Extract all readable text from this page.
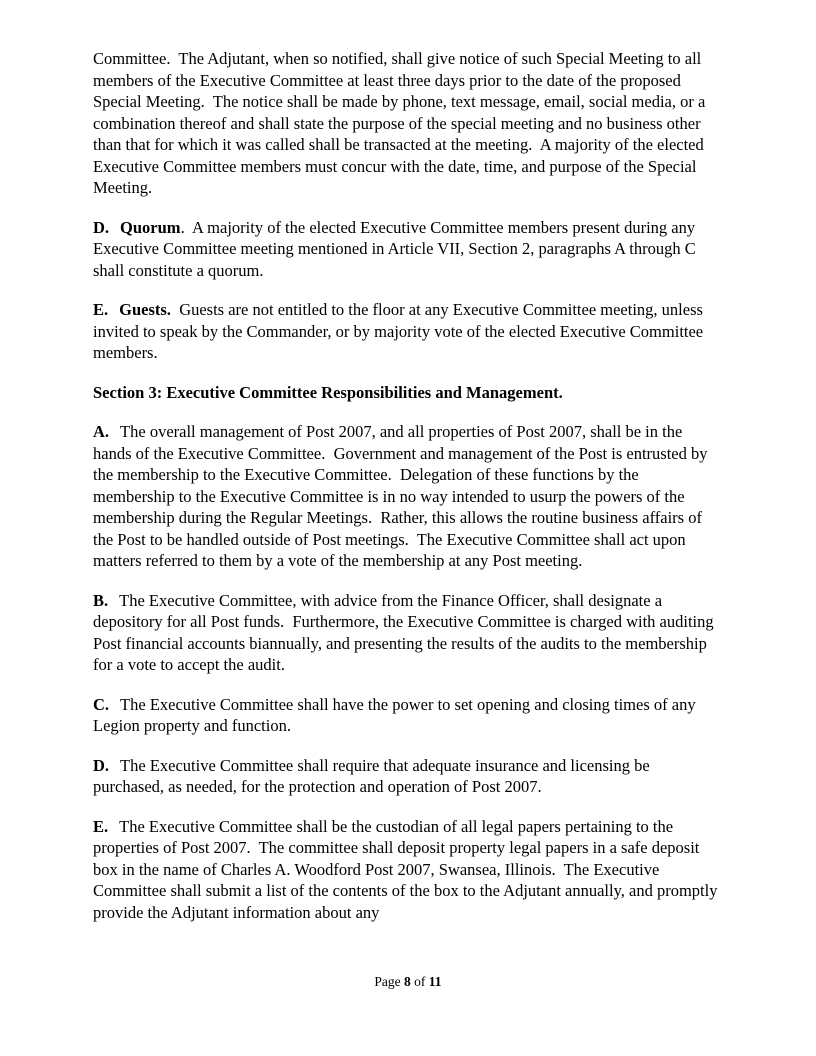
Committee.  The Adjutant, when so notified, shall give notice of such Special Meeting to all members of the Executive Committee at least three days prior to the date of the proposed Special Meeting.  The notice shall be made by phone, text message, email, social media, or a combination thereof and shall state the purpose of the special meeting and no business other than that for which it was called shall be transacted at the meeting.  A majority of the elected Executive Committee members must concur with the date, time, and purpose of the Special Meeting.

D. Quorum.  A majority of the elected Executive Committee members present during any Executive Committee meeting mentioned in Article VII, Section 2, paragraphs A through C shall constitute a quorum.

E. Guests.  Guests are not entitled to the floor at any Executive Committee meeting, unless invited to speak by the Commander, or by majority vote of the elected Executive Committee members.

Section 3: Executive Committee Responsibilities and Management.

A. The overall management of Post 2007, and all properties of Post 2007, shall be in the hands of the Executive Committee.  Government and management of the Post is entrusted by the membership to the Executive Committee.  Delegation of these functions by the membership to the Executive Committee is in no way intended to usurp the powers of the membership during the Regular Meetings.  Rather, this allows the routine business affairs of the Post to be handled outside of Post meetings.  The Executive Committee shall act upon matters referred to them by a vote of the membership at any Post meeting.

B. The Executive Committee, with advice from the Finance Officer, shall designate a depository for all Post funds.  Furthermore, the Executive Committee is charged with auditing Post financial accounts biannually, and presenting the results of the audits to the membership for a vote to accept the audit.

C. The Executive Committee shall have the power to set opening and closing times of any Legion property and function.

D. The Executive Committee shall require that adequate insurance and licensing be purchased, as needed, for the protection and operation of Post 2007.

E. The Executive Committee shall be the custodian of all legal papers pertaining to the properties of Post 2007.  The committee shall deposit property legal papers in a safe deposit box in the name of Charles A. Woodford Post 2007, Swansea, Illinois.  The Executive Committee shall submit a list of the contents of the box to the Adjutant annually, and promptly provide the Adjutant information about any

Page 8 of 11
